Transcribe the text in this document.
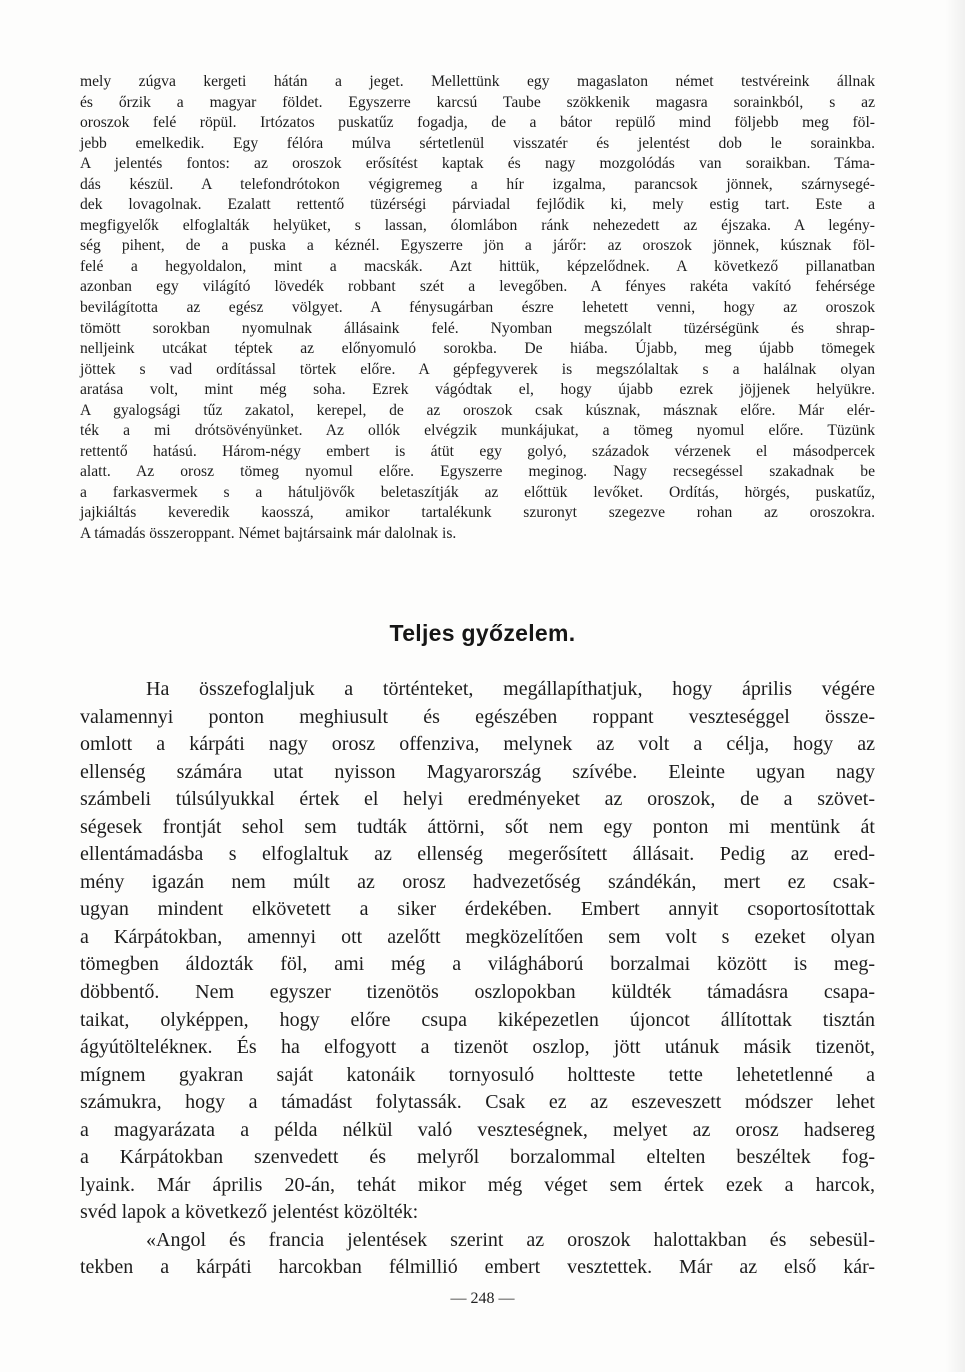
mely zúgva kergeti hátán a jeget. Mellettünk egy magaslaton német testvéreink állnak
és őrzik a magyar földet. Egyszerre karcsú Taube szökkenik magasra sorainkból, s az
oroszok felé röpül. Irtózatos puskatűz fogadja, de a bátor repülő mind följebb meg föl-
jebb emelkedik. Egy félóra múlva sértetlenül visszatér és jelentést dob le sorainkba.
A jelentés fontos: az oroszok erősítést kaptak és nagy mozgolódás van soraikban. Táma-
dás készül. A telefondrótokon végigremeg a hír izgalma, parancsok jönnek, szárnysegé-
dek lovagolnak. Ezalatt rettentő tüzérségi párviadal fejlődik ki, mely estig tart. Este a
megfigyelők elfoglalták helyüket, s lassan, ólomlábon ránk nehezedett az éjszaka. A legény-
ség pihent, de a puska a kéznél. Egyszerre jön a járőr: az oroszok jönnek, kúsznak föl-
felé a hegyoldalon, mint a macskák. Azt hittük, képzelődnek. A következő pillanatban
azonban egy világító lövedék robbant szét a levegőben. A fényes rakéta vakító fehérsége
bevilágította az egész völgyet. A fénysugárban észre lehetett venni, hogy az oroszok
tömött sorokban nyomulnak állásaink felé. Nyomban megszólalt tüzérségünk és shrap-
nelljeink utcákat téptek az előnyomuló sorokba. De hiába. Újabb, meg újabb tömegek
jöttek s vad ordítással törtek előre. A gépfegyverek is megszólaltak s a halálnak olyan
aratása volt, mint még soha. Ezrek vágódtak el, hogy újabb ezrek jöjjenek helyükre.
A gyalogsági tűz zakatol, kerepel, de az oroszok csak kúsznak, másznak előre. Már elér-
ték a mi drótsövényünket. Az ollók elvégzik munkájukat, a tömeg nyomul előre. Tüzünk
rettentő hatású. Három-négy embert is átüt egy golyó, századok vérzenek el másodpercek
alatt. Az orosz tömeg nyomul előre. Egyszerre meginog. Nagy recsegéssel szakadnak be
a farkasvermek s a hátuljövők beletaszítják az előttük levőket. Ordítás, hörgés, puskatűz,
jajkiáltás keveredik kaosszá, amikor tartalékunk szuronyt szegezve rohan az oroszokra.
A támadás összeroppant. Német bajtársaink már dalolnak is.
Teljes győzelem.
Ha összefoglaljuk a történteket, megállapíthatjuk, hogy április végére
valamennyi ponton meghiusult és egészében roppant veszteséggel össze-
omlott a kárpáti nagy orosz offenziva, melynek az volt a célja, hogy az
ellenség számára utat nyisson Magyarország szívébe. Eleinte ugyan nagy
számbeli túlsúlyukkal értek el helyi eredményeket az oroszok, de a szövet-
ségesek frontját sehol sem tudták áttörni, sőt nem egy ponton mi mentünk át
ellentámadásba s elfoglaltuk az ellenség megerősített állásait. Pedig az ered-
mény igazán nem múlt az orosz hadvezetőség szándékán, mert ez csak-
ugyan mindent elkövetett a siker érdekében. Embert annyit csoportosítottak
a Kárpátokban, amennyi ott azelőtt megközelítően sem volt s ezeket olyan
tömegben áldozták föl, ami még a világháború borzalmai között is meg-
döbbentő. Nem egyszer tizenötös oszlopokban küldték támadásra csapa-
taikat, olyképpen, hogy előre csupa kiképezetlen újoncot állítottak tisztán
ágyútöltelékneк. És ha elfogyott a tizenöt oszlop, jött utánuk másik tizenöt,
mígnem gyakran saját katonáik tornyosuló holtteste tette lehetetlenné a
számukra, hogy a támadást folytassák. Csak ez az eszeveszett módszer lehet
a magyarázata a példa nélkül való veszteségnek, melyet az orosz hadsereg
a Kárpátokban szenvedett és melyről borzalommal eltelten beszéltek fog-
lyaink. Már április 20-án, tehát mikor még véget sem értek ezek a harcok,
svéd lapok a következő jelentést közölték:
«Angol és francia jelentések szerint az oroszok halottakban és sebesül-
tekben a kárpáti harcokban félmillió embert vesztettek. Már az első kár-
— 248 —
